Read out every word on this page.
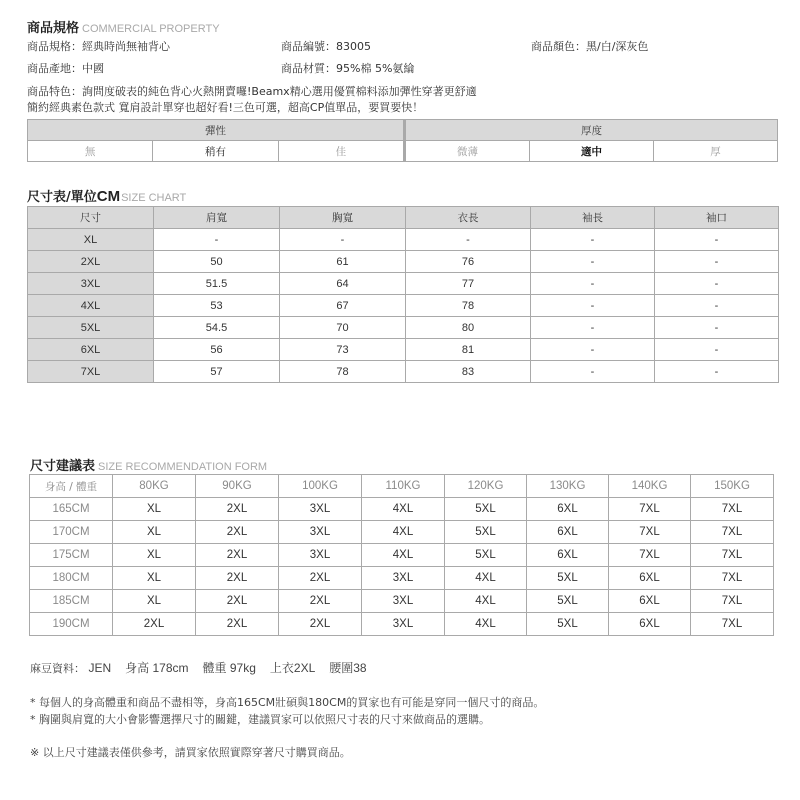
商品規格 COMMERCIAL PROPERTY
商品規格：經典時尚無袖背心	商品編號：83005	商品顏色：黑/白/深灰色
商品產地：中國	商品材質：95%棉 5%氨綸
商品特色：詢問度破表的純色背心火熱開賣囉!Beamx精心選用優質棉料添加彈性穿著更舒適
簡約經典素色款式 寬肩設計單穿也超好看!三色可選，超高CP值單品，要買要快！
彈性
無	稍有	佳
厚度
微薄	適中	厚
尺寸表/單位CMSIZE CHART
尺寸	肩寬	胸寬	衣長	袖長	袖口
XL	-	-	-	-	-
2XL	50	61	76	-	-
3XL	51.5	64	77	-	-
4XL	53	67	78	-	-
5XL	54.5	70	80	-	-
6XL	56	73	81	-	-
7XL	57	78	83	-	-
尺寸建議表 SIZE RECOMMENDATION FORM
身高 / 體重	80KG	90KG	100KG	110KG	120KG	130KG	140KG	150KG
165CM	XL	2XL	3XL	4XL	5XL	6XL	7XL	7XL
170CM	XL	2XL	3XL	4XL	5XL	6XL	7XL	7XL
175CM	XL	2XL	3XL	4XL	5XL	6XL	7XL	7XL
180CM	XL	2XL	2XL	3XL	4XL	5XL	6XL	7XL
185CM	XL	2XL	2XL	3XL	4XL	5XL	6XL	7XL
190CM	2XL	2XL	2XL	3XL	4XL	5XL	6XL	7XL
麻豆資料： JEN 身高 178cm 體重 97kg 上衣2XL 腰圍38
* 每個人的身高體重和商品不盡相等，身高165CM壯碩與180CM的買家也有可能是穿同一個尺寸的商品。
* 胸圍與肩寬的大小會影響選擇尺寸的關鍵，建議買家可以依照尺寸表的尺寸來做商品的選購。
※ 以上尺寸建議表僅供參考，請買家依照實際穿著尺寸購買商品。
